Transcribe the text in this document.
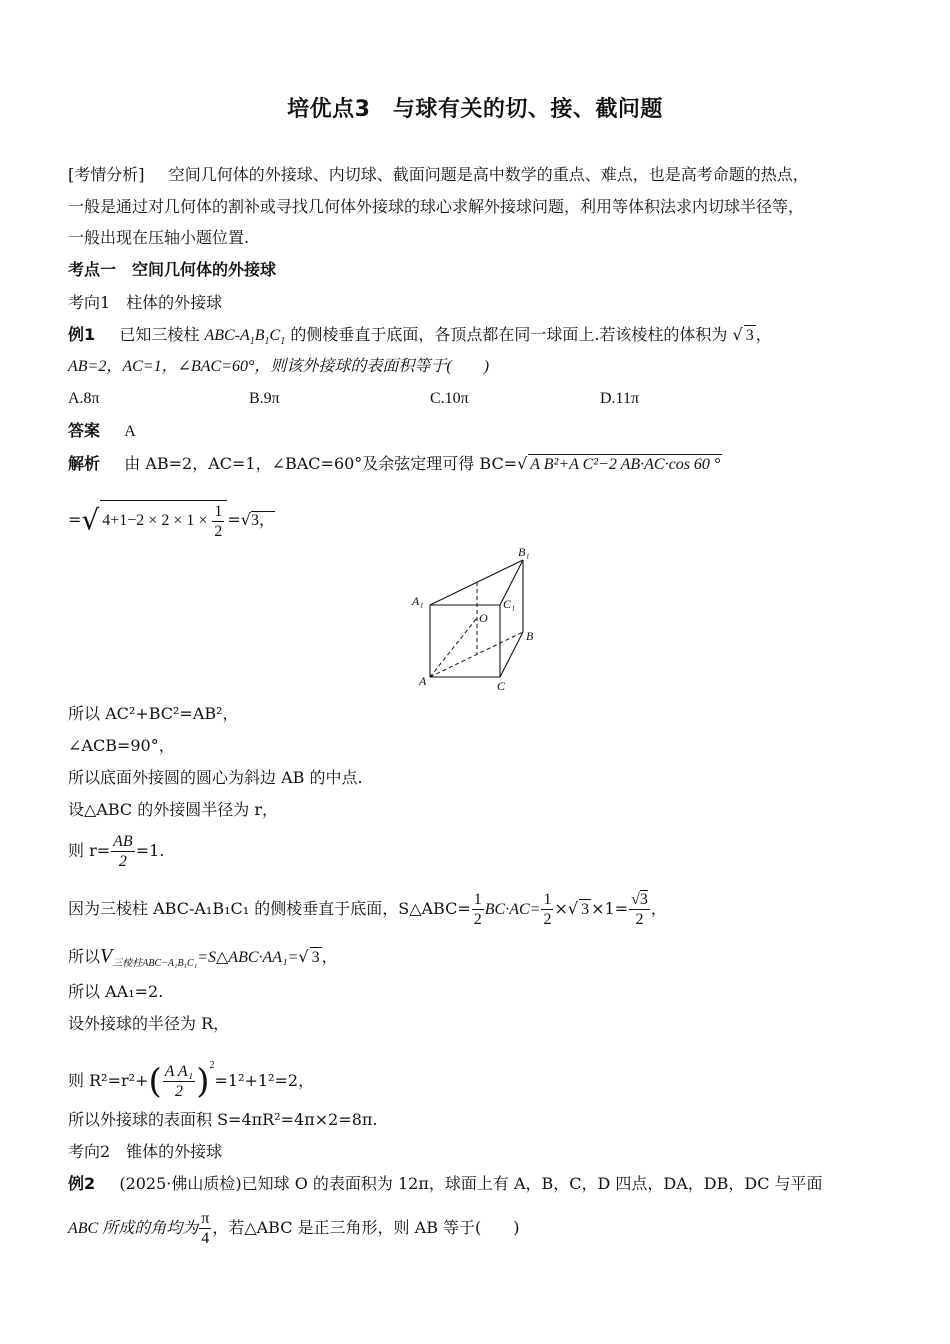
培优点3　与球有关的切、接、截问题
[考情分析] 空间几何体的外接球、内切球、截面问题是高中数学的重点、难点，也是高考命题的热点，
一般是通过对几何体的割补或寻找几何体外接球的球心求解外接球问题，利用等体积法求内切球半径等，
一般出现在压轴小题位置.
考点一　空间几何体的外接球
考向1　柱体的外接球
例1 已知三棱柱 ABC-$A_1B_1C_1$ 的侧棱垂直于底面，各顶点都在同一球面上.若该棱柱的体积为 √ 3 ，
AB=2，AC=1，∠BAC=60°，则该外接球的表面积等于(　　)
A.8π	B.9π	C.10π	D.11π
答案 A
解析 由 AB=2，AC=1，∠BAC=60°及余弦定理可得 BC=√ A B²+A C²−2 AB·AC·cos 60 °
=√ $4+1-2 \times 2 \times 1 \times \frac{1}{2} =√3$，
A₁
B₁
C₁
O
B
A	C
所以 AC²+BC²=AB²，
∠ACB=90°，
所以底面外接圆的圆心为斜边 AB 的中点.
设△ABC 的外接圆半径为 r，
则 $r= \frac{AB}{2} =1$.
因为三棱柱 ABC-A₁B₁C₁ 的侧棱垂直于底面，S△ABC= $\frac{1}{2} BC\cdot AC= \frac{1}{2}$ ×√ $3 \times 1= \frac{√3}{2}$ ，
所以$V_{三棱柱ABC-A_1B_1C_1}=S\triangle ABC\cdot AA_1=√$ 3 ，
所以 AA₁=2.
设外接球的半径为 R，
则 $R^2=r^2+( \frac{\text{A A₁}}{2} )^2=1^2+1^2=2$，
所以外接球的表面积 S=4πR²=4π×2=8π.
考向2　锥体的外接球
例2 (2025·佛山质检)已知球 O 的表面积为 12π，球面上有 A，B，C，D 四点，DA，DB，DC 与平面
ABC 所成的角均为 $\frac{\pi}{4}$ ，若△ABC 是正三角形，则 AB 等于(　　)
